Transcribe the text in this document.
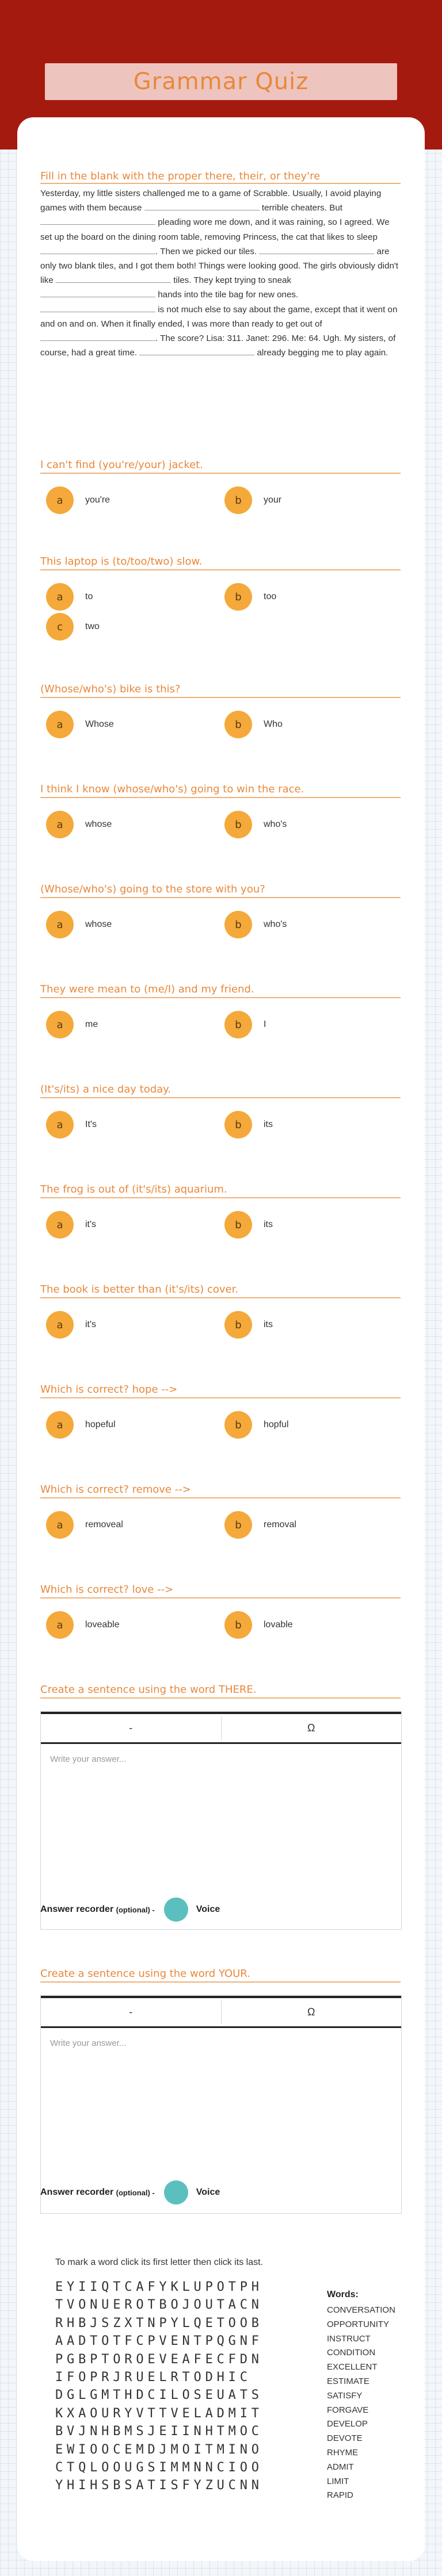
Grammar Quiz
Fill in the blank with the proper there, their, or they're
Yesterday, my little sisters challenged me to a game of Scrabble. Usually, I avoid playing games with them because	terrible cheaters. But  pleading wore me down, and it was raining, so I agreed. We set up the board on the dining room table, removing Princess, the cat that likes to sleep . Then we picked our tiles.	are only two blank tiles, and I got them both! Things were looking good. The girls obviously didn't like	tiles. They kept trying to sneak  hands into the tile bag for new ones.  is not much else to say about the game, except that it went on and on and on. When it finally ended, I was more than ready to get out of . The score? Lisa: 311. Janet: 296. Me: 64. Ugh. My sisters, of course, had a great time.	already begging me to play again.
I can't find (you're/your) jacket.
a	you're	b	your
This laptop is (to/too/two) slow.
a	to	b	too
c	two
(Whose/who's) bike is this?
a	Whose	b	Who
I think I know (whose/who's) going to win the race.
a	whose	b	who's
(Whose/who's) going to the store with you?
a	whose	b	who's
They were mean to (me/I) and my friend.
a	me	b	I
(It's/its) a nice day today.
a	It's	b	its
The frog is out of (it's/its) aquarium.
a	it's	b	its
The book is better than (it's/its) cover.
a	it's	b	its
Which is correct? hope -->
a	hopeful	b	hopful
Which is correct? remove -->
a	removeal	b	removal
Which is correct? love -->
a	loveable	b	lovable
Create a sentence using the word THERE.
-	Ω
Write your answer...
Answer recorder
(optional) -	Voice
Create a sentence using the word YOUR.
-	Ω
Write your answer...
Answer recorder
(optional) -	Voice
To mark a word click its first letter then click its last.
EYIIQTCAFYKLUPOTPH
TVONUEROTBOJOUTACN
RHBJSZXTNPYLQETOOB
AADTOTFCPVENTPQGNF
PGBPTOROEVEAFECFDN
IFOPRJRUELRTODHIC
DGLGMTHDCILOSEUATS
KXAOURYVTTVELADMIT
BVJNHBMSJEIINHTMOC
EWIOOCEMDJMOITMINO
CTQLOOUGSIMMNNCIOO
YHIHSBSATISFYZUCNN
Words:
CONVERSATION
OPPORTUNITY
INSTRUCT
CONDITION
EXCELLENT
ESTIMATE
SATISFY
FORGAVE
DEVELOP
DEVOTE
RHYME
ADMIT
LIMIT
RAPID
